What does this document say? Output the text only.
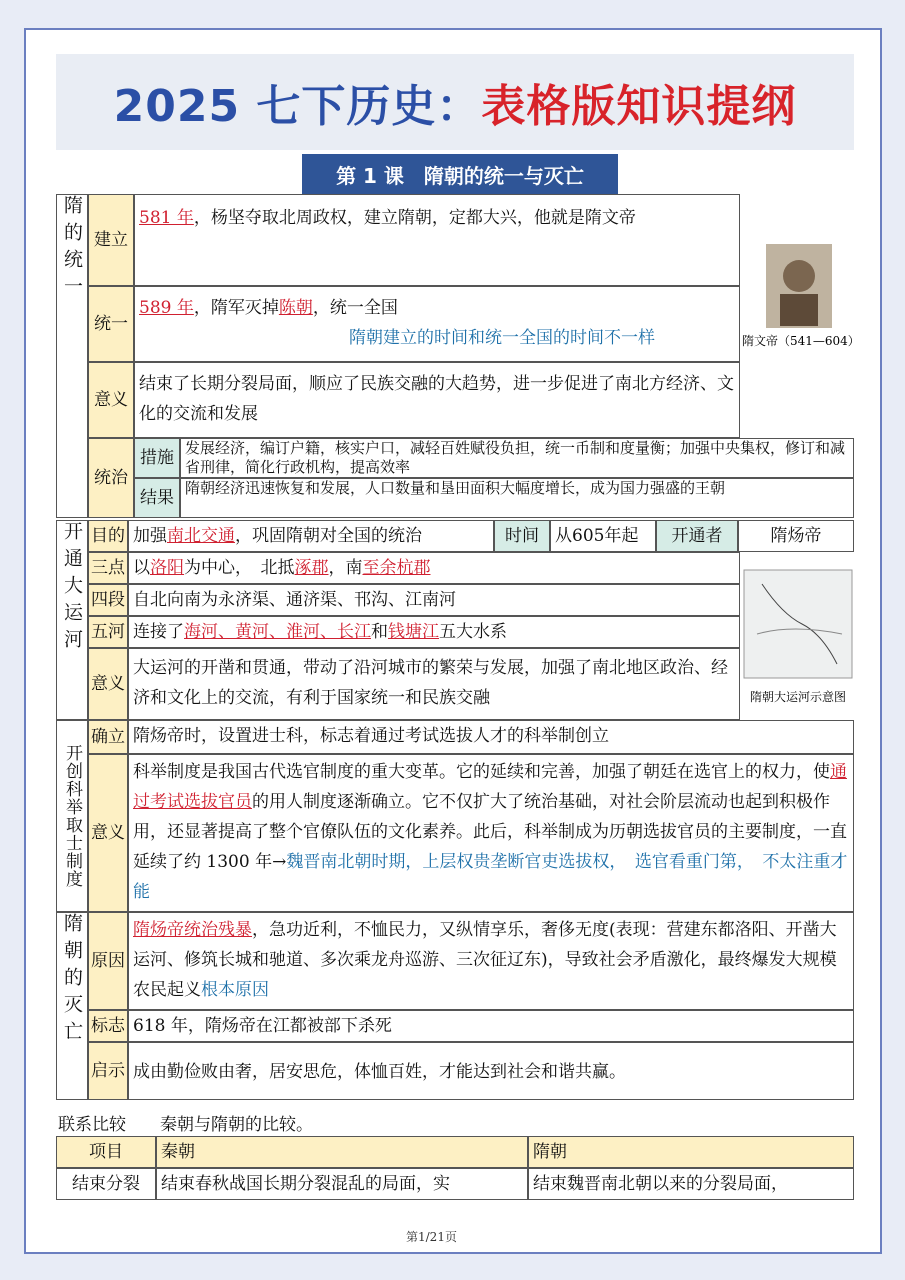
2025 七下历史： 表格版知识提纲
第 1 课　隋朝的统一与灭亡
隋的统一 建立
581 年，杨坚夺取北周政权，建立隋朝，定都大兴，他就是隋文帝
统一
589 年，隋军灭掉陈朝，统一全国
隋朝建立的时间和统一全国的时间不一样
意义
结束了长期分裂局面，顺应了民族交融的大趋势，进一步促进了南北方经济、文化的交流和发展
隋文帝（541—604）
统治
措施 发展经济，编订户籍，核实户口，减轻百姓赋役负担，统一币制和度量衡；加强中央集权，修订和减省刑律，简化行政机构，提高效率
结果 隋朝经济迅速恢复和发展，人口数量和垦田面积大幅度增长，成为国力强盛的王朝
开通大运河 目的 加强南北交通，巩固隋朝对全国的统治	时间 从605年起	开通者	隋炀帝
三点 以洛阳为中心，　北抵涿郡，南至余杭郡
四段 自北向南为永济渠、通济渠、邗沟、江南河
五河 连接了海河、黄河、淮河、长江和钱塘江五大水系
意义
大运河的开凿和贯通，带动了沿河城市的繁荣与发展，加强了南北地区政治、经济和文化上的交流，有利于国家统一和民族交融	隋朝大运河示意图
开创科举取士制度
确立 隋炀帝时，设置进士科，标志着通过考试选拔人才的科举制创立
意义
科举制度是我国古代选官制度的重大变革。它的延续和完善，加强了朝廷在选官上的权力，使通过考试选拔官员的用人制度逐渐确立。它不仅扩大了统治基础，对社会阶层流动也起到积极作用，还显著提高了整个官僚队伍的文化素养。此后，科举制成为历朝选拔官员的主要制度，一直延续了约 1300 年→魏晋南北朝时期，上层权贵垄断官吏选拔权，　选官看重门第，　不太注重才能
隋朝的灭亡 原因
隋炀帝统治残暴，急功近利，不恤民力，又纵情享乐，奢侈无度(表现：营建东都洛阳、开凿大运河、修筑长城和驰道、多次乘龙舟巡游、三次征辽东)，导致社会矛盾激化，最终爆发大规模农民起义根本原因
标志 618 年，隋炀帝在江都被部下杀死
启示 成由勤俭败由奢，居安思危，体恤百姓，才能达到社会和谐共赢。
联系比较　　秦朝与隋朝的比较。
项目	秦朝	隋朝
结束分裂	结束春秋战国长期分裂混乱的局面，实	结束魏晋南北朝以来的分裂局面，
第1/21页
